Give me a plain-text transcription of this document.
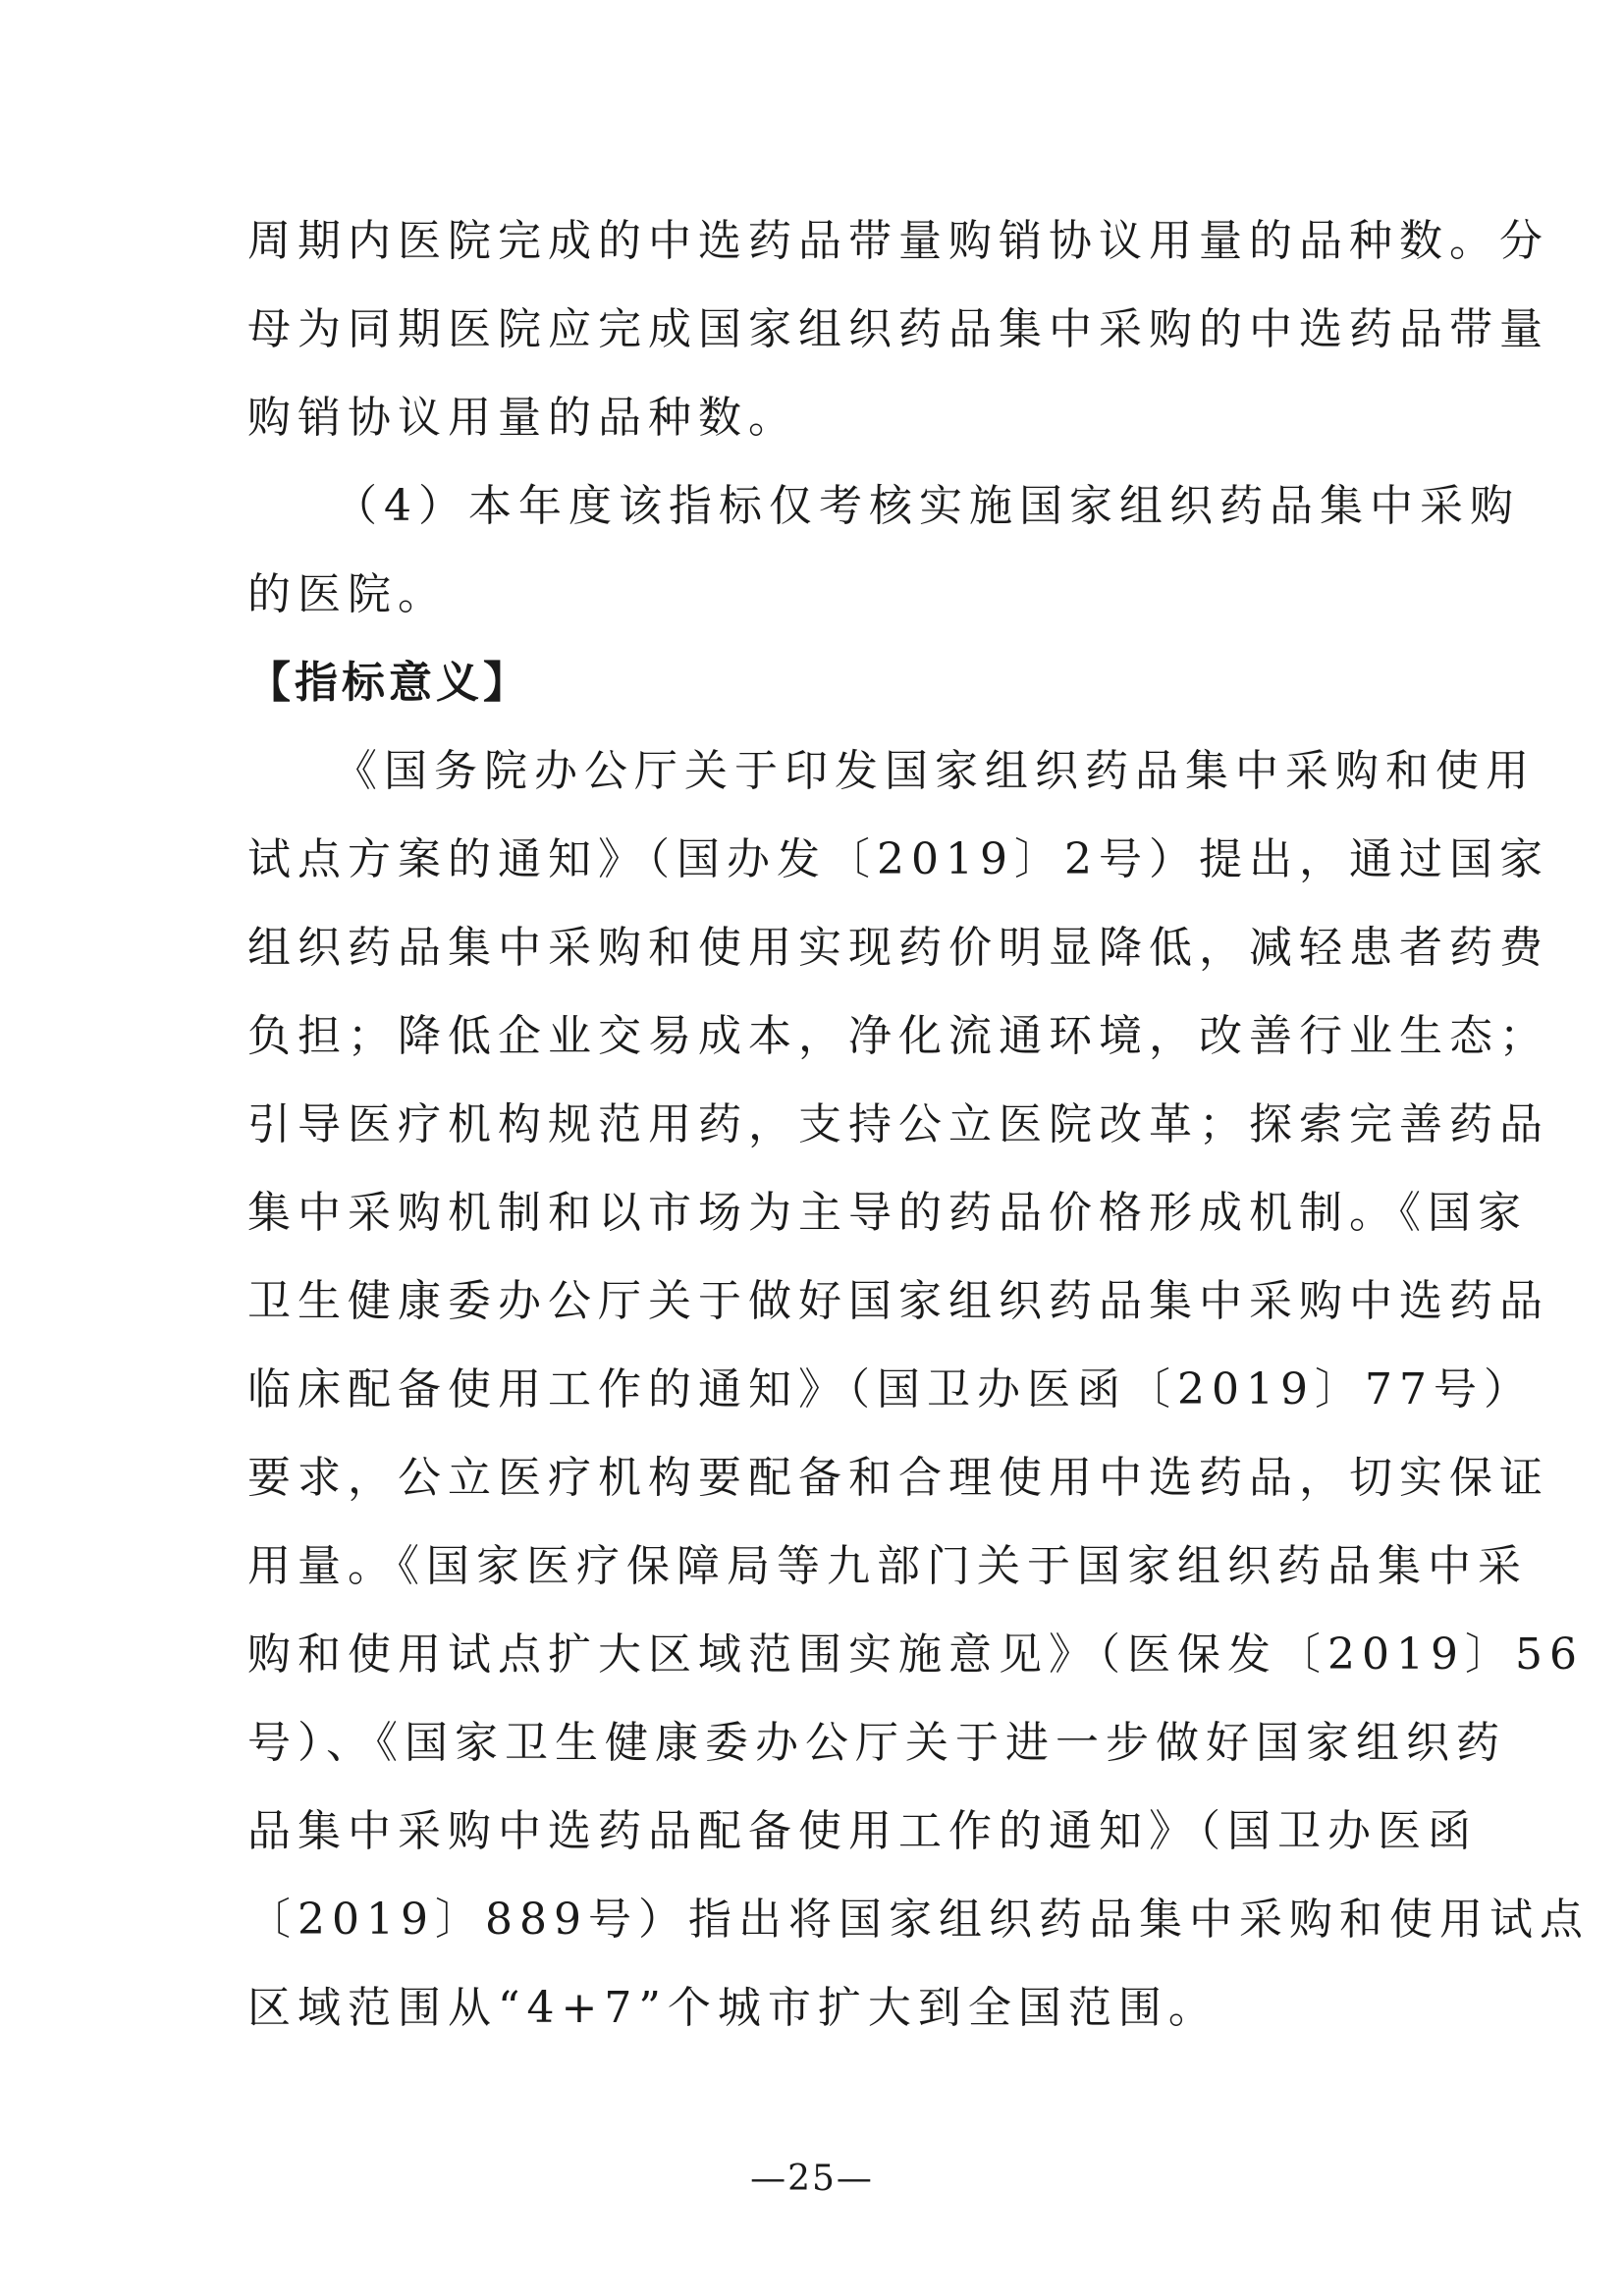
周期内医院完成的中选药品带量购销协议用量的品种数。分
母为同期医院应完成国家组织药品集中采购的中选药品带量
购销协议用量的品种数。
（4）本年度该指标仅考核实施国家组织药品集中采购
的医院。
【指标意义】
《国务院办公厅关于印发国家组织药品集中采购和使用
试点方案的通知》（国办发〔2019〕2号）提出，通过国家
组织药品集中采购和使用实现药价明显降低，减轻患者药费
负担；降低企业交易成本，净化流通环境，改善行业生态；
引导医疗机构规范用药，支持公立医院改革；探索完善药品
集中采购机制和以市场为主导的药品价格形成机制。《国家
卫生健康委办公厅关于做好国家组织药品集中采购中选药品
临床配备使用工作的通知》（国卫办医函〔2019〕77号）
要求，公立医疗机构要配备和合理使用中选药品，切实保证
用量。《国家医疗保障局等九部门关于国家组织药品集中采
购和使用试点扩大区域范围实施意见》（医保发〔2019〕56
号）、《国家卫生健康委办公厅关于进一步做好国家组织药
品集中采购中选药品配备使用工作的通知》（国卫办医函
〔2019〕889号）指出将国家组织药品集中采购和使用试点
区域范围从“4+7”个城市扩大到全国范围。
—25—
